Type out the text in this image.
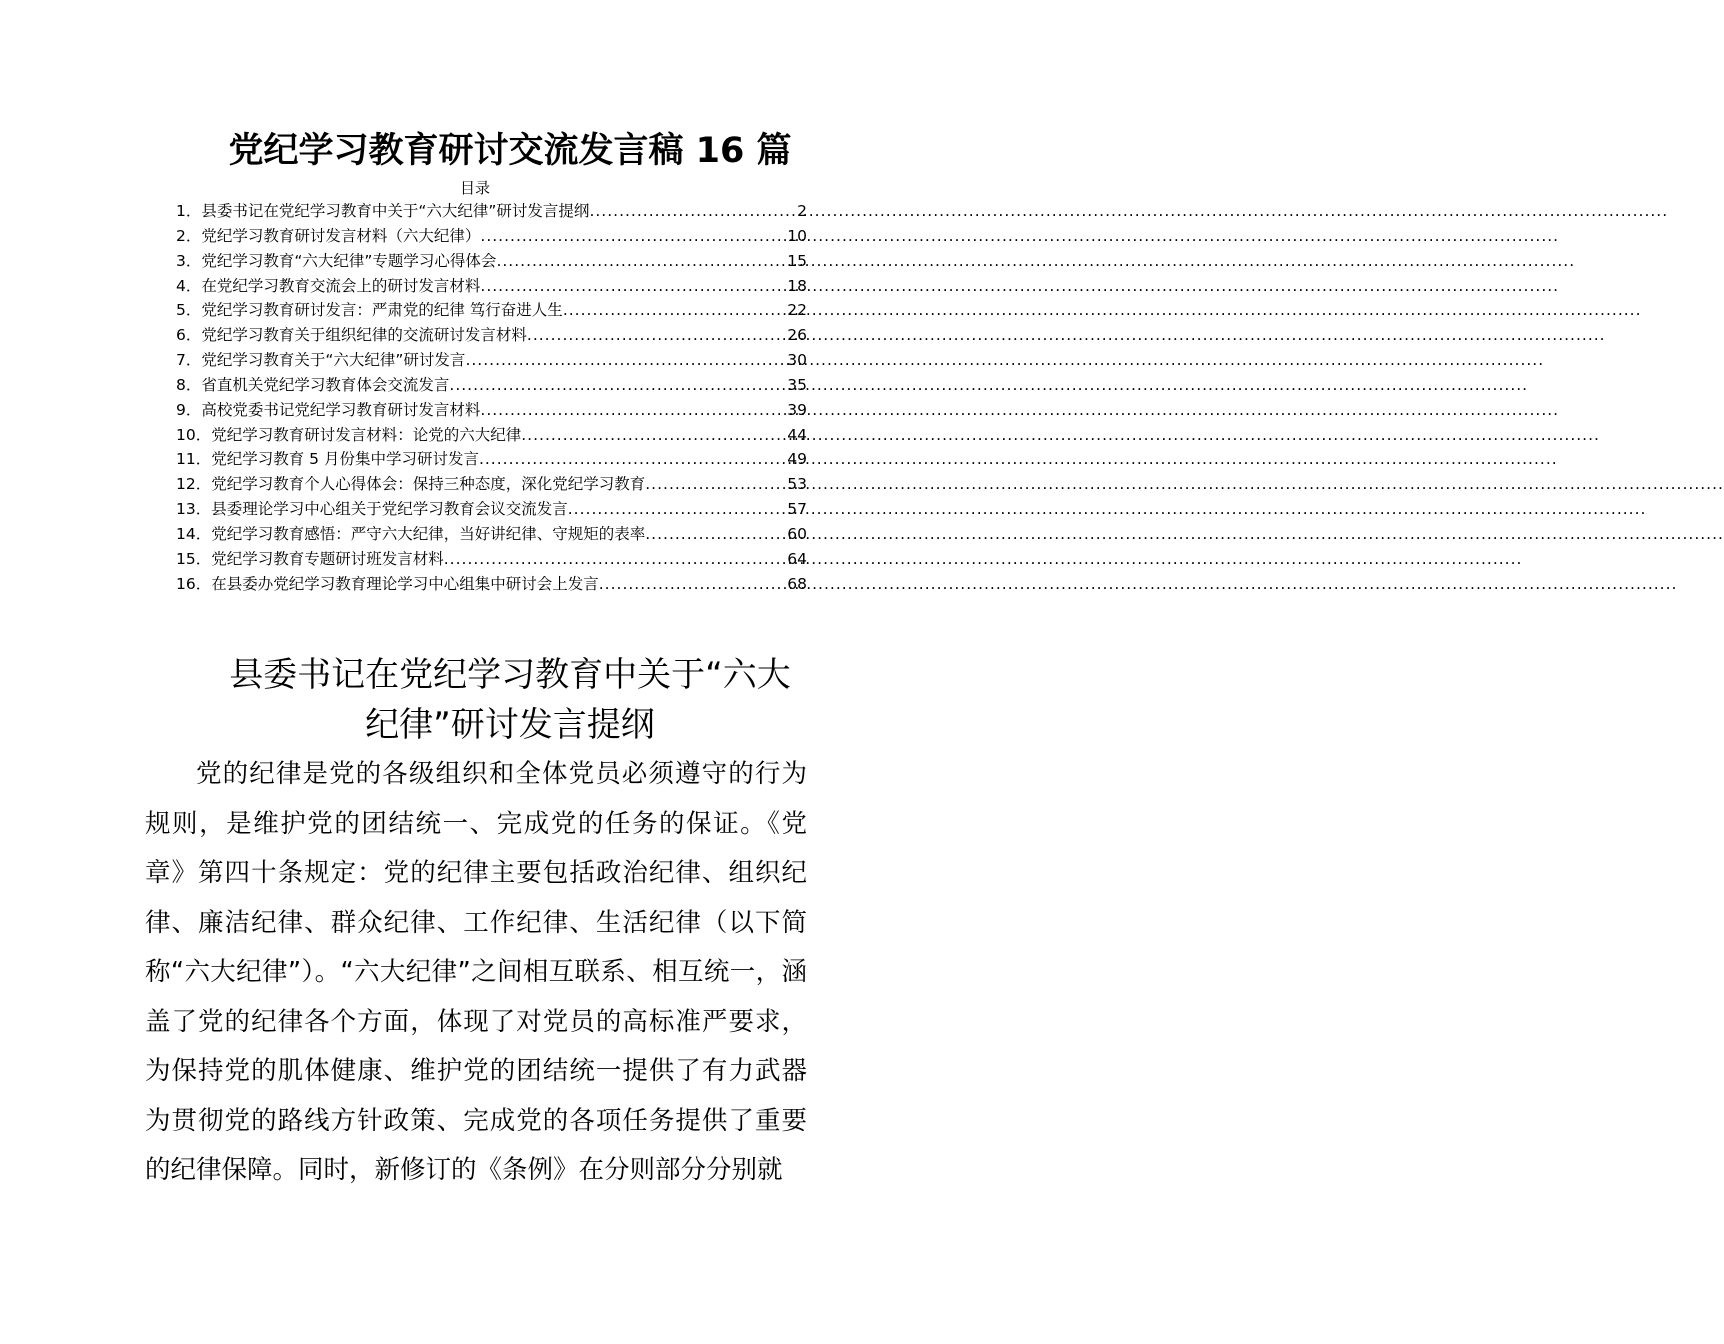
党纪学习教育研讨交流发言稿 16 篇
目录
1． 县委书记在党纪学习教育中关于“六大纪律”研讨发言提纲 .....	2
2． 党纪学习教育研讨发言材料（六大纪律） .....	10
3． 党纪学习教育“六大纪律”专题学习心得体会 .....	15
4． 在党纪学习教育交流会上的研讨发言材料 .....	18
5． 党纪学习教育研讨发言：严肃党的纪律 笃行奋进人生 .....	22
6． 党纪学习教育关于组织纪律的交流研讨发言材料 .....	26
7． 党纪学习教育关于“六大纪律”研讨发言 .....	30
8． 省直机关党纪学习教育体会交流发言 .....	35
9． 高校党委书记党纪学习教育研讨发言材料 .....	39
10． 党纪学习教育研讨发言材料：论党的六大纪律 .....	44
11． 党纪学习教育 5 月份集中学习研讨发言 .....	49
12． 党纪学习教育个人心得体会：保持三种态度，深化党纪学习教育 .....	53
13． 县委理论学习中心组关于党纪学习教育会议交流发言 .....	57
14． 党纪学习教育感悟：严守六大纪律，当好讲纪律、守规矩的表率 .....	60
15． 党纪学习教育专题研讨班发言材料 .....	64
16． 在县委办党纪学习教育理论学习中心组集中研讨会上发言 .....	68
县委书记在党纪学习教育中关于“六大
纪律”研讨发言提纲

党的纪律是党的各级组织和全体党员必须遵守的行为规则，是维护党的团结统一、完成党的任务的保证。《党章》第四十条规定：党的纪律主要包括政治纪律、组织纪律、廉洁纪律、群众纪律、工作纪律、生活纪律（以下简称“六大纪律”）。“六大纪律”之间相互联系、相互统一，涵盖了党的纪律各个方面，体现了对党员的高标准严要求，为保持党的肌体健康、维护党的团结统一提供了有力武器为贯彻党的路线方针政策、完成党的各项任务提供了重要的纪律保障。同时，新修订的《条例》在分则部分分别就
